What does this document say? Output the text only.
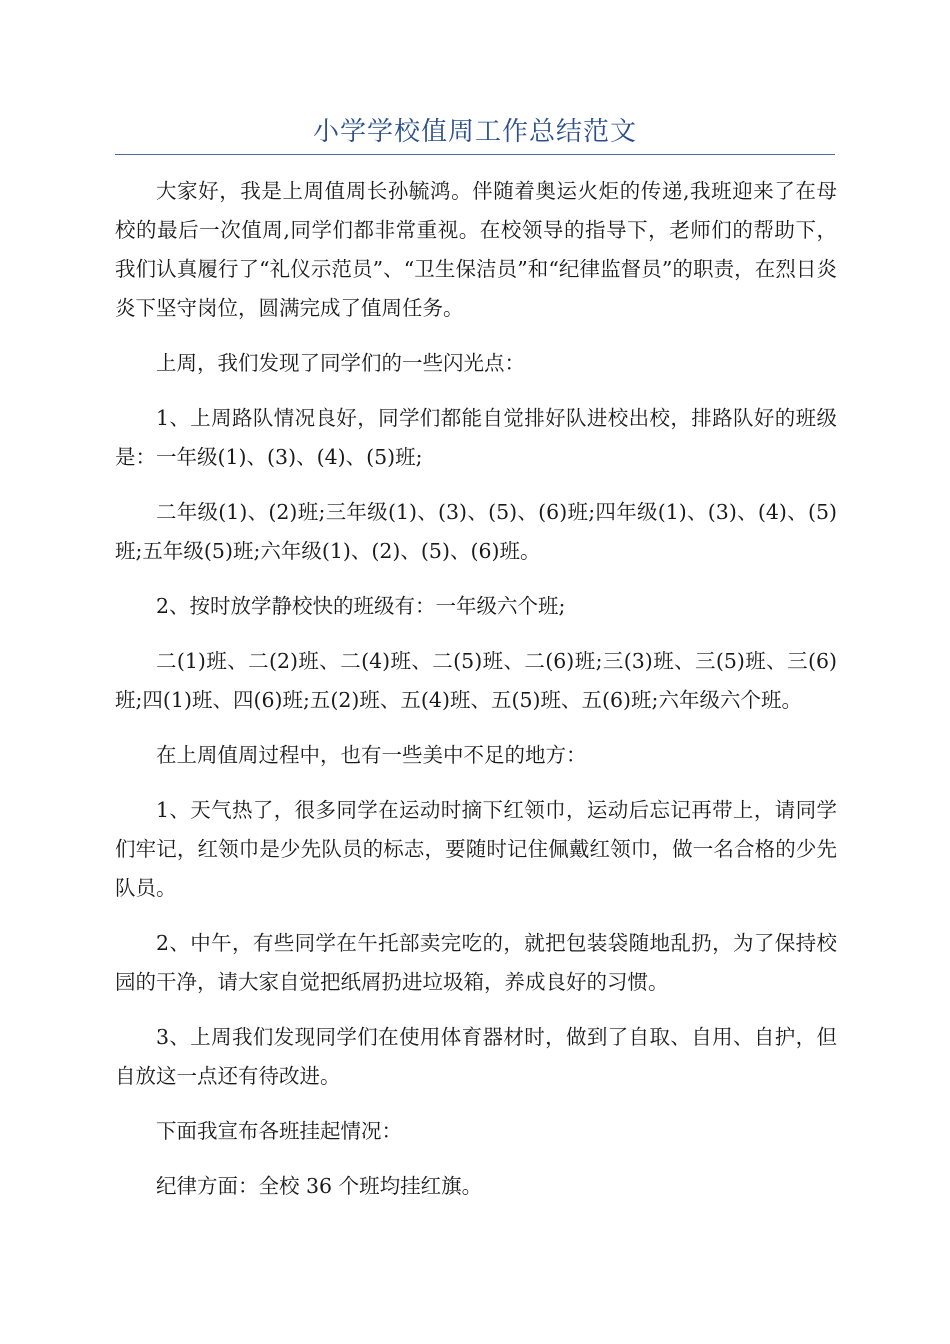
小学学校值周工作总结范文

大家好，我是上周值周长孙毓鸿。伴随着奥运火炬的传递,我班迎来了在母校的最后一次值周,同学们都非常重视。在校领导的指导下，老师们的帮助下，我们认真履行了“礼仪示范员”、“卫生保洁员”和“纪律监督员”的职责，在烈日炎炎下坚守岗位，圆满完成了值周任务。

上周，我们发现了同学们的一些闪光点：

1、上周路队情况良好，同学们都能自觉排好队进校出校，排路队好的班级是：一年级(1)、(3)、(4)、(5)班;

二年级(1)、(2)班;三年级(1)、(3)、(5)、(6)班;四年级(1)、(3)、(4)、(5)班;五年级(5)班;六年级(1)、(2)、(5)、(6)班。

2、按时放学静校快的班级有：一年级六个班;

二(1)班、二(2)班、二(4)班、二(5)班、二(6)班;三(3)班、三(5)班、三(6)班;四(1)班、四(6)班;五(2)班、五(4)班、五(5)班、五(6)班;六年级六个班。

在上周值周过程中，也有一些美中不足的地方：

1、天气热了，很多同学在运动时摘下红领巾，运动后忘记再带上，请同学们牢记，红领巾是少先队员的标志，要随时记住佩戴红领巾，做一名合格的少先队员。

2、中午，有些同学在午托部卖完吃的，就把包装袋随地乱扔，为了保持校园的干净，请大家自觉把纸屑扔进垃圾箱，养成良好的习惯。

3、上周我们发现同学们在使用体育器材时，做到了自取、自用、自护，但自放这一点还有待改进。

下面我宣布各班挂起情况：

纪律方面：全校 36 个班均挂红旗。
